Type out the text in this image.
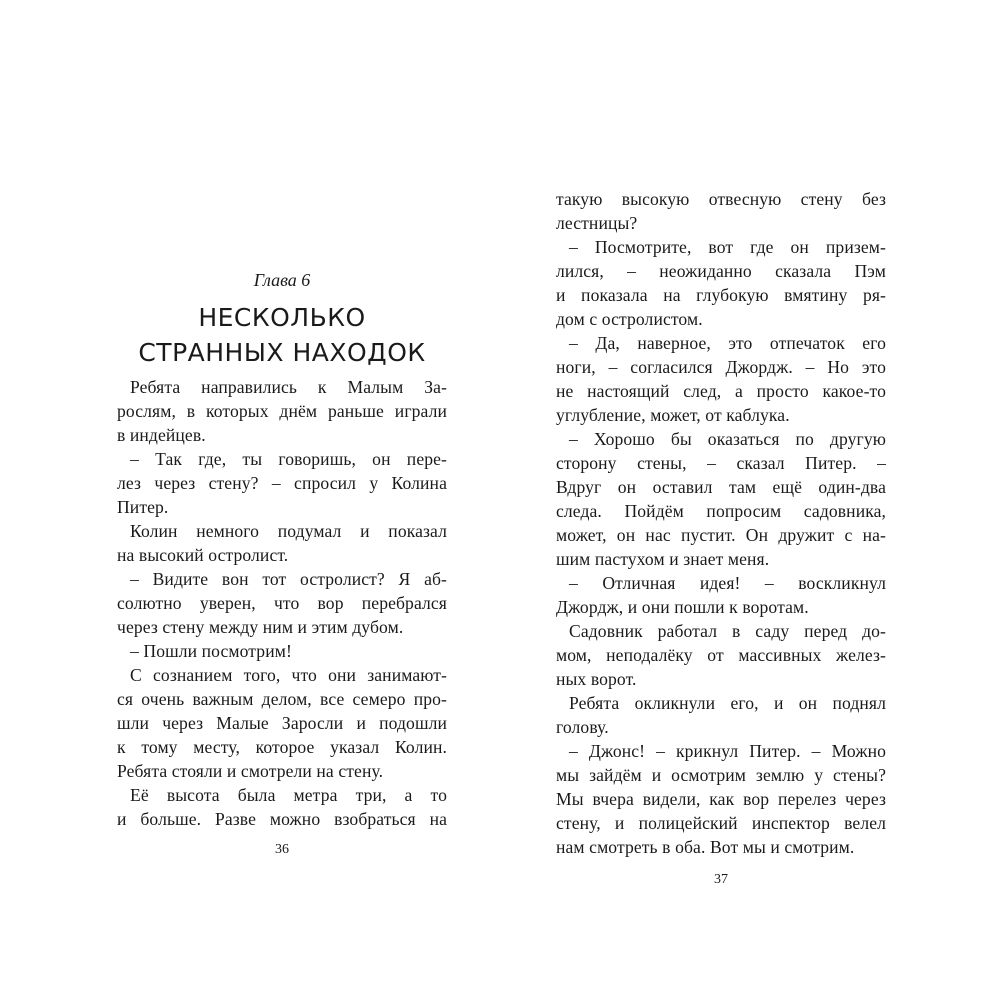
Глава 6
НЕСКОЛЬКО
СТРАННЫХ НАХОДОК
Ребята направились к Малым За-
рослям, в которых днём раньше играли
в индейцев.
– Так где, ты говоришь, он пере-
лез через стену? – спросил у Колина
Питер.
Колин немного подумал и показал
на высокий остролист.
– Видите вон тот остролист? Я аб-
солютно уверен, что вор перебрался
через стену между ним и этим дубом.
– Пошли посмотрим!
С сознанием того, что они занимают-
ся очень важным делом, все семеро про-
шли через Малые Заросли и подошли
к тому месту, которое указал Колин.
Ребята стояли и смотрели на стену.
Её высота была метра три, а то
и больше. Разве можно взобраться на
36
такую высокую отвесную стену без
лестницы?
– Посмотрите, вот где он призем-
лился, – неожиданно сказала Пэм
и показала на глубокую вмятину ря-
дом с остролистом.
– Да, наверное, это отпечаток его
ноги, – согласился Джордж. – Но это
не настоящий след, а просто какое-то
углубление, может, от каблука.
– Хорошо бы оказаться по другую
сторону стены, – сказал Питер. –
Вдруг он оставил там ещё один-два
следа. Пойдём попросим садовника,
может, он нас пустит. Он дружит с на-
шим пастухом и знает меня.
– Отличная идея! – воскликнул
Джордж, и они пошли к воротам.
Садовник работал в саду перед до-
мом, неподалёку от массивных желез-
ных ворот.
Ребята окликнули его, и он поднял
голову.
– Джонс! – крикнул Питер. – Можно
мы зайдём и осмотрим землю у стены?
Мы вчера видели, как вор перелез через
стену, и полицейский инспектор велел
нам смотреть в оба. Вот мы и смотрим.
37
